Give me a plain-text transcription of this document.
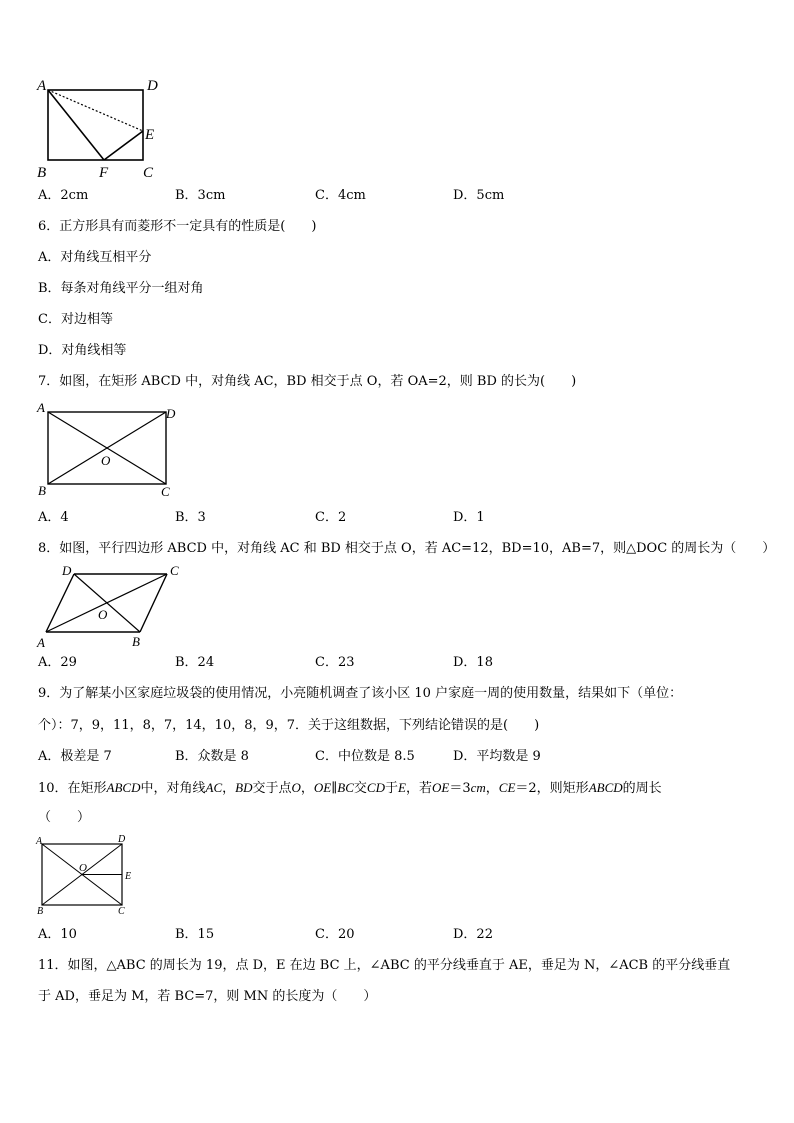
A	D
E
B	F C
A．2cm	B．3cm	C．4cm	D．5cm
6．正方形具有而菱形不一定具有的性质是(　　)
A．对角线互相平分
B．每条对角线平分一组对角
C．对边相等
D．对角线相等
7．如图，在矩形 ABCD 中，对角线 AC，BD 相交于点 O，若 OA=2，则 BD 的长为(　　)
A	D
O
B	C
A．4	B．3	C．2	D．1
8．如图，平行四边形 ABCD 中，对角线 AC 和 BD 相交于点 O，若 AC=12，BD=10，AB=7，则△DOC 的周长为（　　）
D	C
O
A	B
A．29	B．24	C．23	D．18
9．为了解某小区家庭垃圾袋的使用情况，小亮随机调查了该小区 10 户家庭一周的使用数量，结果如下（单位：
个）：7，9，11，8，7，14，10，8，9，7．关于这组数据，下列结论错误的是(　　)
A．极差是 7	B．众数是 8	C．中位数是 8.5	D．平均数是 9
10．在矩形ABCD中，对角线AC，BD交于点O，OE∥BC交CD于E，若OE＝3cm，CE＝2，则矩形ABCD的周长
（　　）
A	D
O
E
B	C
A．10	B．15	C．20	D．22
11．如图，△ABC 的周长为 19，点 D，E 在边 BC 上，∠ABC 的平分线垂直于 AE，垂足为 N，∠ACB 的平分线垂直
于 AD，垂足为 M，若 BC=7，则 MN 的长度为（　　）
